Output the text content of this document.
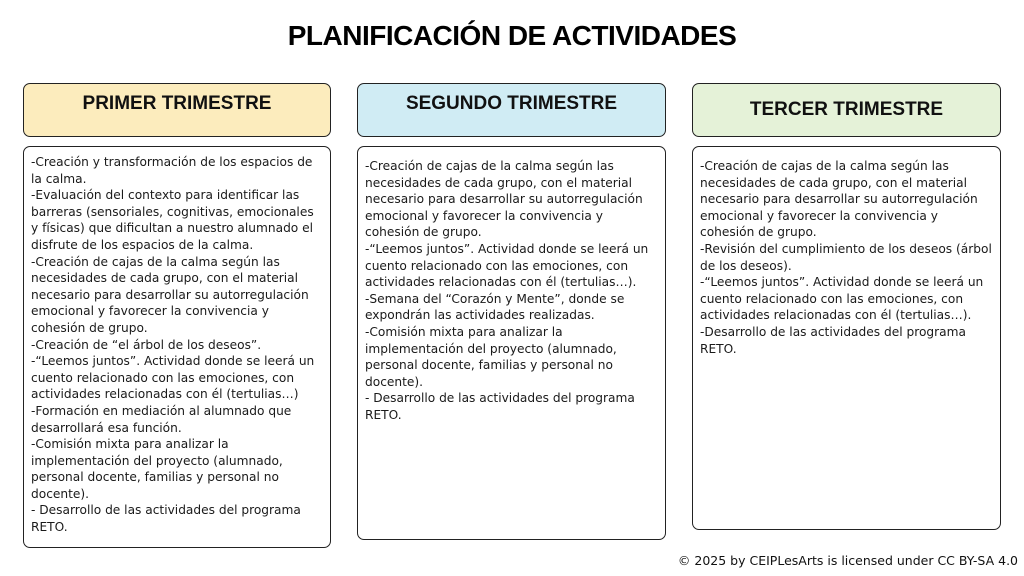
PLANIFICACIÓN DE ACTIVIDADES
PRIMER TRIMESTRE	SEGUNDO TRIMESTRE	TERCER TRIMESTRE

-Creación y transformación de los espacios de la calma.
-Evaluación del contexto para identificar las barreras (sensoriales, cognitivas, emocionales y físicas) que dificultan a nuestro alumnado el disfrute de los espacios de la calma.
-Creación de cajas de la calma según las necesidades de cada grupo, con el material necesario para desarrollar su autorregulación emocional y favorecer la convivencia y cohesión de grupo.
-Creación de “el árbol de los deseos”.
-“Leemos juntos”. Actividad donde se leerá un cuento relacionado con las emociones, con actividades relacionadas con él (tertulias…)
-Formación en mediación al alumnado que desarrollará esa función.
-Comisión mixta para analizar la implementación del proyecto (alumnado, personal docente, familias y personal no docente).
- Desarrollo de las actividades del programa RETO.

-Creación de cajas de la calma según las necesidades de cada grupo, con el material necesario para desarrollar su autorregulación emocional y favorecer la convivencia y cohesión de grupo.
-“Leemos juntos”. Actividad donde se leerá un cuento relacionado con las emociones, con actividades relacionadas con él (tertulias…).
-Semana del “Corazón y Mente”, donde se expondrán las actividades realizadas.
-Comisión mixta para analizar la implementación del proyecto (alumnado, personal docente, familias y personal no docente).
- Desarrollo de las actividades del programa RETO.

-Creación de cajas de la calma según las necesidades de cada grupo, con el material necesario para desarrollar su autorregulación emocional y favorecer la convivencia y cohesión de grupo.
-Revisión del cumplimiento de los deseos (árbol de los deseos).
-“Leemos juntos”. Actividad donde se leerá un cuento relacionado con las emociones, con actividades relacionadas con él (tertulias…).
-Desarrollo de las actividades del programa RETO.

© 2025 by CEIPLesArts is licensed under CC BY-SA 4.0
